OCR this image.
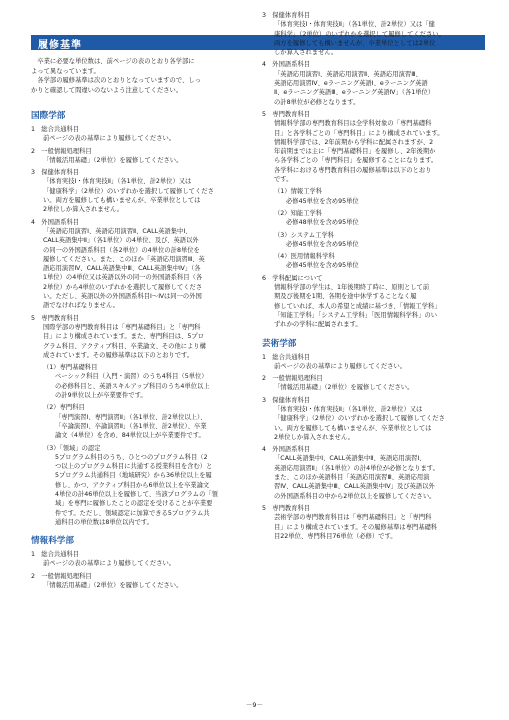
履修基準

　卒業に必要な単位数は、前ページの表のとおり各学部に

よって異なっています。

　各学部の履修基準は次のとおりとなっていますので、しっ

かりと確認して間違いのないよう注意してください。

国際学部

1　総合共通科目

前ページの表の基準により履修してください。

2　一般情報処理科目

「情報活用基礎」（2単位）を履修してください。

3　保健体育科目

「体育実技Ⅰ・体育実技Ⅱ」（各1単位、計2単位）又は

「健康科学」（2単位）のいずれかを選択して履修してくださ

い。両方を履修しても構いませんが、卒業単位としては

2単位しか算入されません。

4　外国語系科目

「英語応用演習Ⅰ、英語応用演習Ⅱ、CALL英語集中Ⅰ、

CALL英語集中Ⅱ」（各1単位）の4単位、及び、英語以外

の同一の外国語系科目（各2単位）の4単位の計8単位を

履修してください。また、このほか「英語応用演習Ⅲ、英

語応用演習Ⅳ、CALL英語集中Ⅲ、CALL英語集中Ⅳ」（各

1単位）の4単位又は英語以外の同一の外国語系科目（各

2単位）から4単位のいずれかを選択して履修してくださ

い。ただし、英語以外の外国語系科目Ⅰ～Ⅳは同一の外国

語でなければなりません。

5　専門教育科目

国際学部の専門教育科目は「専門基礎科目」と「専門科

目」により構成されています。また、専門科目は、5プロ

グラム科目、アクティブ科目、卒業論文、その他により構

成されています。その履修基準は以下のとおりです。

（1）専門基礎科目

ベーシック科目（入門・演習）のうち4科目（5単位）

の必修科目と、英語スキルアップ科目のうち4単位以上

の計9単位以上が卒業要件です。

（2）専門科目

「専門演習Ⅰ、専門演習Ⅱ」（各1単位、計2単位以上）、

「卒論演習Ⅰ、卒論演習Ⅱ」（各1単位、計2単位）、卒業

論文（4単位）を含め、84単位以上が卒業要件です。

（3）「領域」の認定

5プログラム科目のうち、ひとつのプログラム科目（2

つ以上のプログラム科目に共通する授業科目を含む）と

5プログラム共通科目（地域研究）から36単位以上を履

修し、かつ、アクティブ科目から6単位以上を卒業論文

4単位の計46単位以上を履修して、当該プログラムの「領

域」を専門に履修したことの認定を受けることが卒業要

件です。ただし、領域認定に加算できる5プログラム共

通科目の単位数は8単位以内です。

情報科学部

1　総合共通科目

前ページの表の基準により履修してください。

2　一般情報処理科目

「情報活用基礎」（2単位）を履修してください。

3　保健体育科目

「体育実技Ⅰ・体育実技Ⅱ」（各1単位、計2単位）又は「健

康科学」（2単位）のいずれかを選択して履修してください。

両方を履修しても構いませんが、卒業単位としては2単位

しか算入されません。

4　外国語系科目

「英語応用演習Ⅰ、英語応用演習Ⅱ、英語応用演習Ⅲ、

英語応用演習Ⅳ、eラーニング英語Ⅰ、eラーニング英語

Ⅱ、eラーニング英語Ⅲ、eラーニング英語Ⅳ」（各1単位）

の計8単位が必修となります。

5　専門教育科目

情報科学部の専門教育科目は全学科対象の「専門基礎科

目」と各学科ごとの「専門科目」により構成されています。

情報科学部では、2年前期から学科に配属されますが、2

年前期までは主に「専門基礎科目」を履修し、2年後期か

ら各学科ごとの「専門科目」を履修することになります。

各学科における専門教育科目の履修基準は以下のとおり

です。

（1）情報工学科

必修45単位を含め95単位

（2）知能工学科

必修48単位を含め95単位

（3）システム工学科

必修45単位を含め95単位

（4）医用情報科学科

必修45単位を含め95単位

6　学科配属について

情報科学部の学生は、1年後期終了時に、原則として前

期及び後期を1期、各期を途中休学することなく履

修していれば、本人の希望と成績に基づき、「情報工学科」

「知能工学科」「システム工学科」「医用情報科学科」のい

ずれかの学科に配属されます。

芸術学部

1　総合共通科目

前ページの表の基準により履修してください。

2　一般情報処理科目

「情報活用基礎」（2単位）を履修してください。

3　保健体育科目

「体育実技Ⅰ・体育実技Ⅱ」（各1単位、計2単位）又は

「健康科学」（2単位）のいずれかを選択して履修してくださ

い。両方を履修しても構いませんが、卒業単位としては

2単位しか算入されません。

4　外国語系科目

「CALL英語集中Ⅰ、CALL英語集中Ⅱ、英語応用演習Ⅰ、

英語応用演習Ⅱ」（各1単位）の計4単位が必修となります。

また、このほか英語科目「英語応用演習Ⅲ、英語応用演

習Ⅳ、CALL英語集中Ⅲ、CALL英語集中Ⅳ」及び英語以外

の外国語系科目の中から2単位以上を履修してください。

5　専門教育科目

芸術学部の専門教育科目は「専門基礎科目」と「専門科

目」により構成されています。その履修基準は専門基礎科

目22単位、専門科目76単位（必修）です。

－9－
